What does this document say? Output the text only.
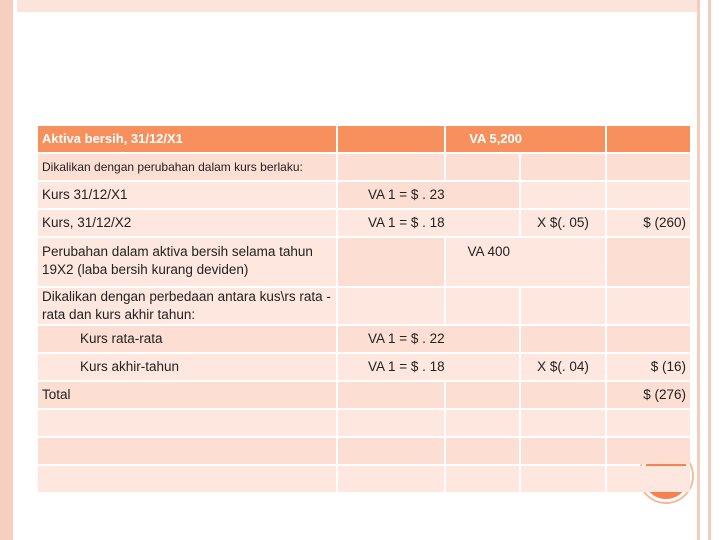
Aktiva bersih, 31/12/X1		VA 5,200		
Dikalikan dengan perubahan dalam kurs berlaku:				
Kurs 31/12/X1	VA 1 = $ . 23			
Kurs, 31/12/X2	VA 1 = $ . 18		X $(. 05)	$ (260)
Perubahan dalam aktiva bersih selama tahun 19X2 (laba bersih kurang deviden)		VA 400		
Dikalikan dengan perbedaan antara kus\rs rata -rata dan kurs akhir tahun:				
Kurs rata-rata	VA 1 = $ . 22			
Kurs akhir-tahun	VA 1 = $ . 18		X $(. 04)	$ (16)
Total				$ (276)
